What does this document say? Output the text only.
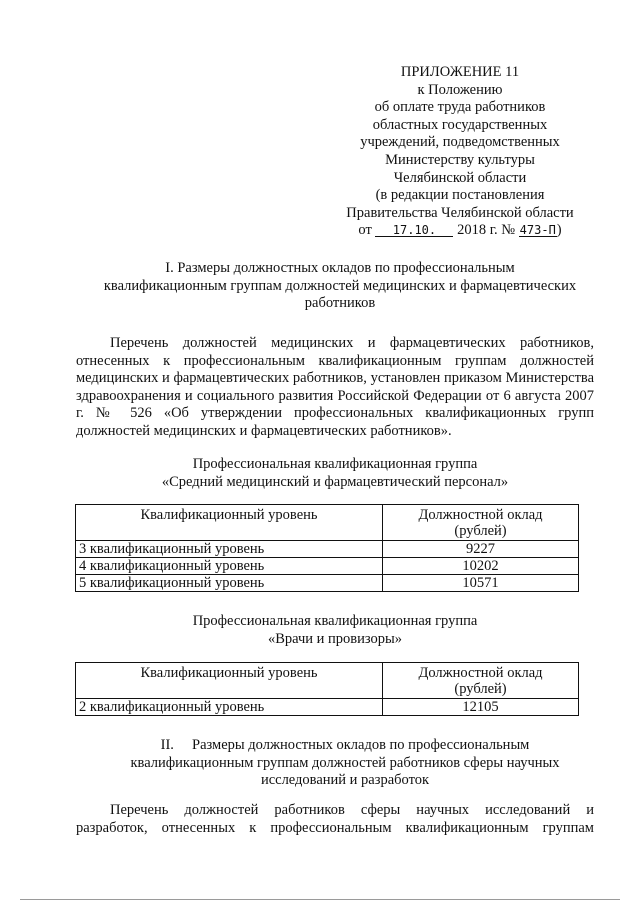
ПРИЛОЖЕНИЕ 11
к Положению
об оплате труда работников
областных государственных
учреждений, подведомственных
Министерству культуры
Челябинской области
(в редакции постановления
Правительства Челябинской области
от 17.10. 2018 г. № 473-П)
I. Размеры должностных окладов по профессиональным
квалификационным группам должностей медицинских и фармацевтических
работников
Перечень должностей медицинских и фармацевтических работников, отнесенных к профессиональным квалификационным группам должностей медицинских и фармацевтических работников, установлен приказом Министерства здравоохранения и социального развития Российской Федерации от 6 августа 2007 г. № 526 «Об утверждении профессиональных квалификационных групп должностей медицинских и фармацевтических работников».
Профессиональная квалификационная группа
«Средний медицинский и фармацевтический персонал»
Квалификационный уровень	Должностной оклад
(рублей)

3 квалификационный уровень	9227
4 квалификационный уровень	10202
5 квалификационный уровень	10571
Профессиональная квалификационная группа
«Врачи и провизоры»
Квалификационный уровень	Должностной оклад
(рублей)

2 квалификационный уровень	12105
II.     Размеры должностных окладов по профессиональным
квалификационным группам должностей работников сферы научных
исследований и разработок
Перечень должностей работников сферы научных исследований и разработок, отнесенных к профессиональным квалификационным группам
